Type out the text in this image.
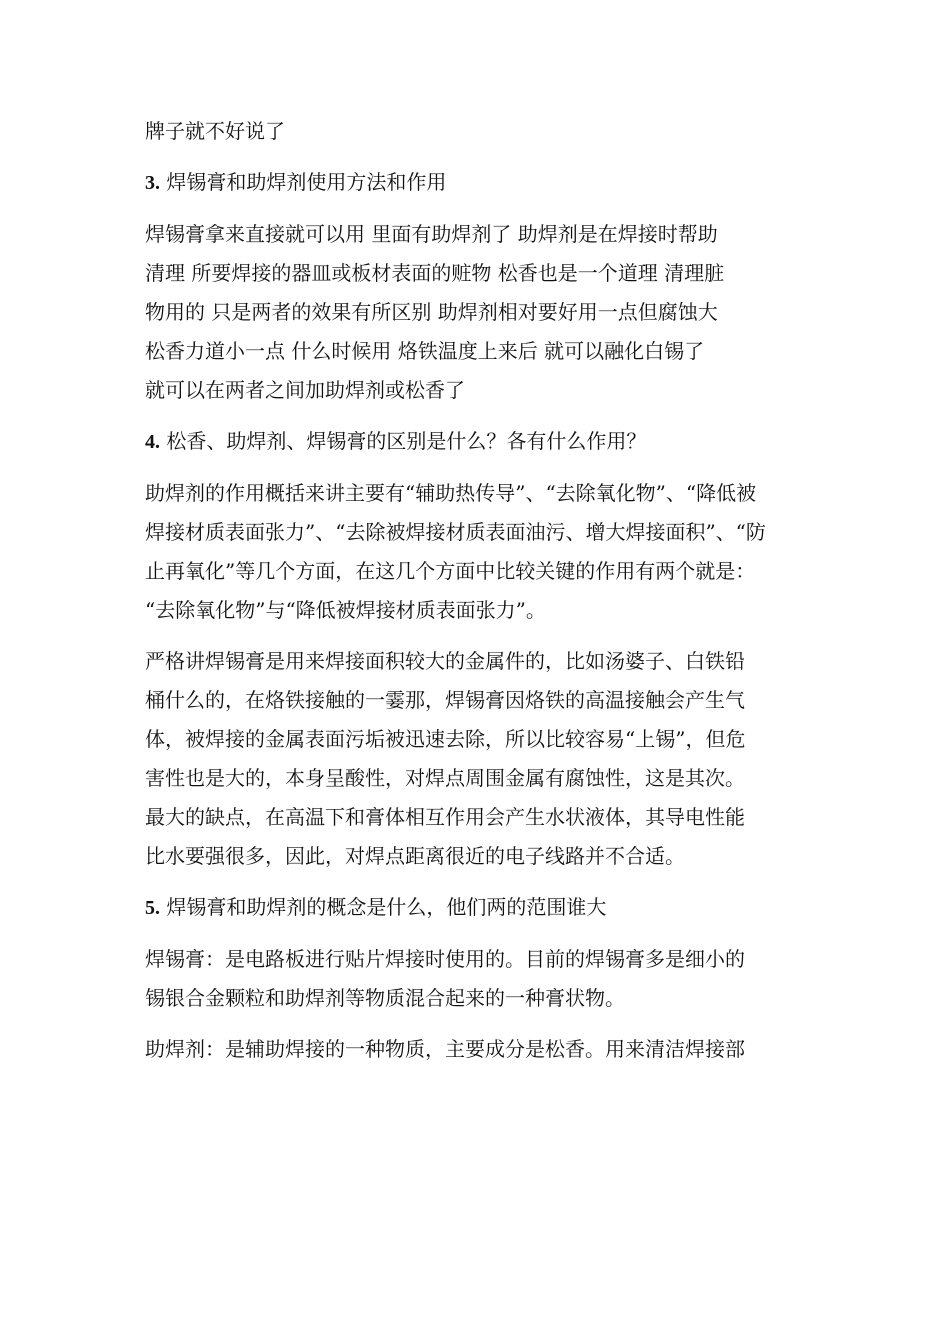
牌子就不好说了
3. 焊锡膏和助焊剂使用方法和作用
焊锡膏拿来直接就可以用 里面有助焊剂了 助焊剂是在焊接时帮助
清理 所要焊接的器皿或板材表面的赃物 松香也是一个道理 清理脏
物用的 只是两者的效果有所区别 助焊剂相对要好用一点但腐蚀大
松香力道小一点 什么时候用 烙铁温度上来后 就可以融化白锡了
就可以在两者之间加助焊剂或松香了
4. 松香、助焊剂、焊锡膏的区别是什么？各有什么作用？
助焊剂的作用概括来讲主要有“辅助热传导”、“去除氧化物”、“降低被
焊接材质表面张力”、“去除被焊接材质表面油污、增大焊接面积”、“防
止再氧化”等几个方面，在这几个方面中比较关键的作用有两个就是：
“去除氧化物”与“降低被焊接材质表面张力”。
严格讲焊锡膏是用来焊接面积较大的金属件的，比如汤婆子、白铁铅
桶什么的，在烙铁接触的一霎那，焊锡膏因烙铁的高温接触会产生气
体，被焊接的金属表面污垢被迅速去除，所以比较容易“上锡”，但危
害性也是大的，本身呈酸性，对焊点周围金属有腐蚀性，这是其次。
最大的缺点，在高温下和膏体相互作用会产生水状液体，其导电性能
比水要强很多，因此，对焊点距离很近的电子线路并不合适。
5. 焊锡膏和助焊剂的概念是什么，他们两的范围谁大
焊锡膏：是电路板进行贴片焊接时使用的。目前的焊锡膏多是细小的
锡银合金颗粒和助焊剂等物质混合起来的一种膏状物。
助焊剂：是辅助焊接的一种物质，主要成分是松香。用来清洁焊接部
